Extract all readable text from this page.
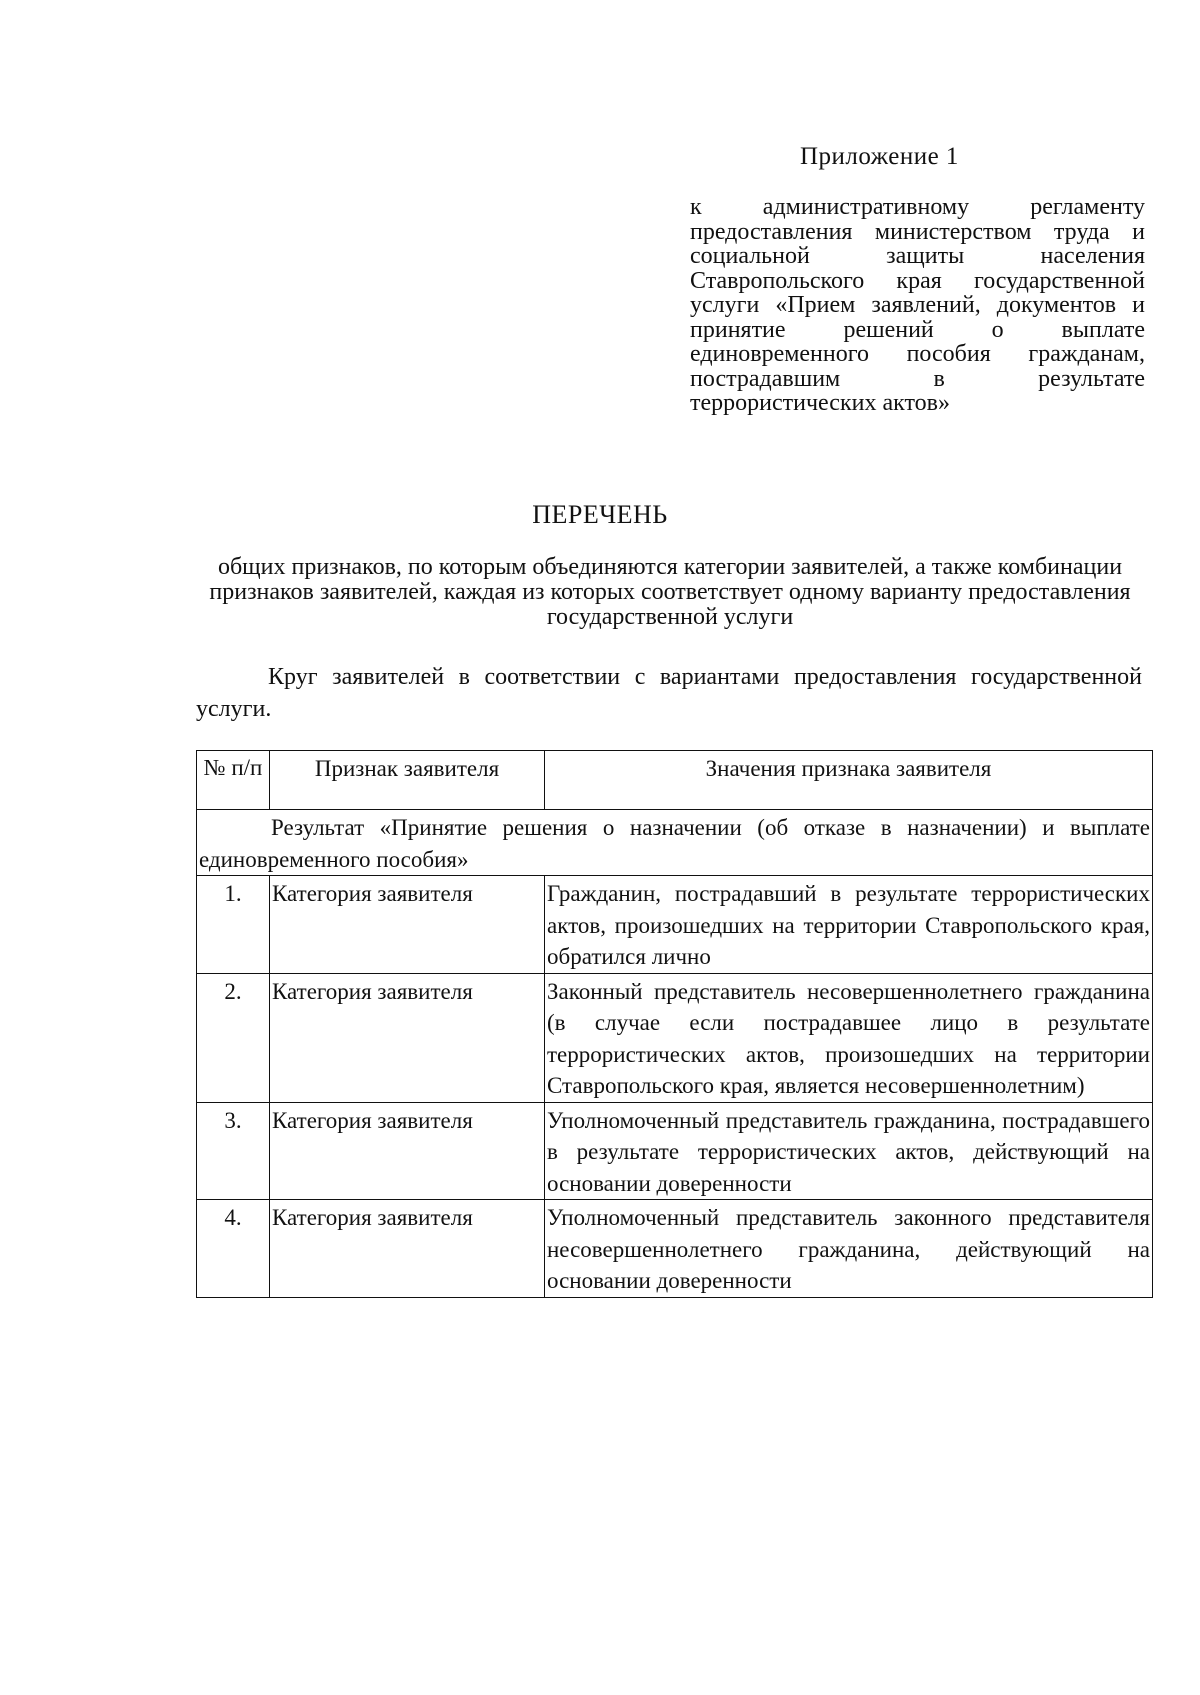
Приложение 1
к административному регламенту предоставления министерством труда и социальной защиты населения Ставропольского края государственной услуги «Прием заявлений, документов и принятие решений о выплате единовременного пособия гражданам, пострадавшим в результате террористических актов»
ПЕРЕЧЕНЬ
общих признаков, по которым объединяются категории заявителей, а также комбинации признаков заявителей, каждая из которых соответствует одному варианту предоставления государственной услуги
Круг заявителей в соответствии с вариантами предоставления государственной услуги.
№ п/п	Признак заявителя	Значения признака заявителя
Результат «Принятие решения о назначении (об отказе в назначении) и выплате единовременного пособия»		
1.	Категория заявителя	Гражданин, пострадавший в результате террористических актов, произошедших на территории Ставропольского края, обратился лично
2.	Категория заявителя	Законный представитель несовершеннолетнего гражданина (в случае если пострадавшее лицо в результате террористических актов, произошедших на территории Ставропольского края, является несовершеннолетним)
3.	Категория заявителя	Уполномоченный представитель гражданина, пострадавшего в результате террористических актов, действующий на основании доверенности
4.	Категория заявителя	Уполномоченный представитель законного представителя несовершеннолетнего гражданина, действующий на основании доверенности
